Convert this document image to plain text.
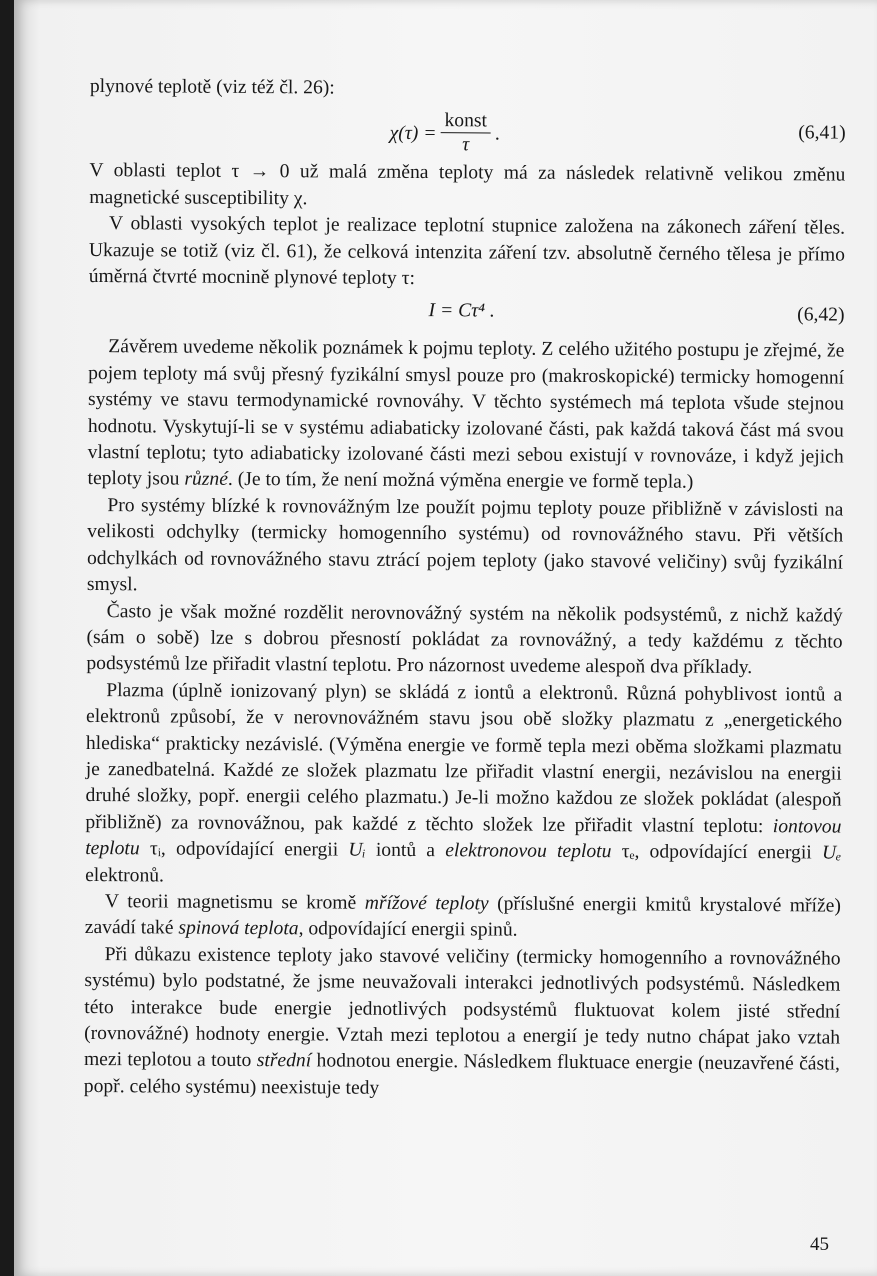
plynové teplotě (viz též čl. 26):

$\chi(\tau) = \frac{\text{konst}}{\tau}$ .	(6,41)

V oblasti teplot τ → 0 už malá změna teploty má za následek relativně velikou změnu magnetické susceptibility χ.

V oblasti vysokých teplot je realizace teplotní stupnice založena na zákonech záření těles. Ukazuje se totiž (viz čl. 61), že celková intenzita záření tzv. absolutně černého tělesa je přímo úměrná čtvrté mocnině plynové teploty τ:

I = Cτ⁴ .	(6,42)

Závěrem uvedeme několik poznámek k pojmu teploty. Z celého užitého postupu je zřejmé, že pojem teploty má svůj přesný fyzikální smysl pouze pro (makroskopické) termicky homogenní systémy ve stavu termodynamické rovnováhy. V těchto systémech má teplota všude stejnou hodnotu. Vyskytují-li se v systému adiabaticky izolované části, pak každá taková část má svou vlastní teplotu; tyto adiabaticky izolované části mezi sebou existují v rovnováze, i když jejich teploty jsou různé. (Je to tím, že není možná výměna energie ve formě tepla.)

Pro systémy blízké k rovnovážným lze použít pojmu teploty pouze přibližně v závislosti na velikosti odchylky (termicky homogenního systému) od rovnovážného stavu. Při větších odchylkách od rovnovážného stavu ztrácí pojem teploty (jako stavové veličiny) svůj fyzikální smysl.

Často je však možné rozdělit nerovnovážný systém na několik podsystémů, z nichž každý (sám o sobě) lze s dobrou přesností pokládat za rovnovážný, a tedy každému z těchto podsystémů lze přiřadit vlastní teplotu. Pro názornost uvedeme alespoň dva příklady.

Plazma (úplně ionizovaný plyn) se skládá z iontů a elektronů. Různá pohyblivost iontů a elektronů způsobí, že v nerovnovážném stavu jsou obě složky plazmatu z „energetického hlediska“ prakticky nezávislé. (Výměna energie ve formě tepla mezi oběma složkami plazmatu je zanedbatelná. Každé ze složek plazmatu lze přiřadit vlastní energii, nezávislou na energii druhé složky, popř. energii celého plazmatu.) Je-li možno každou ze složek pokládat (alespoň přibližně) za rovnovážnou, pak každé z těchto složek lze přiřadit vlastní teplotu: iontovou teplotu τᵢ, odpovídající energii Uᵢ iontů a elektronovou teplotu τₑ, odpovídající energii Uₑ elektronů.

V teorii magnetismu se kromě mřížové teploty (příslušné energii kmitů krystalové mříže) zavádí také spinová teplota, odpovídající energii spinů.

Při důkazu existence teploty jako stavové veličiny (termicky homogenního a rovnovážného systému) bylo podstatné, že jsme neuvažovali interakci jednotlivých podsystémů. Následkem této interakce bude energie jednotlivých podsystémů fluktuovat kolem jisté střední (rovnovážné) hodnoty energie. Vztah mezi teplotou a energií je tedy nutno chápat jako vztah mezi teplotou a touto střední hodnotou energie. Následkem fluktuace energie (neuzavřené části, popř. celého systému) neexistuje tedy

45
